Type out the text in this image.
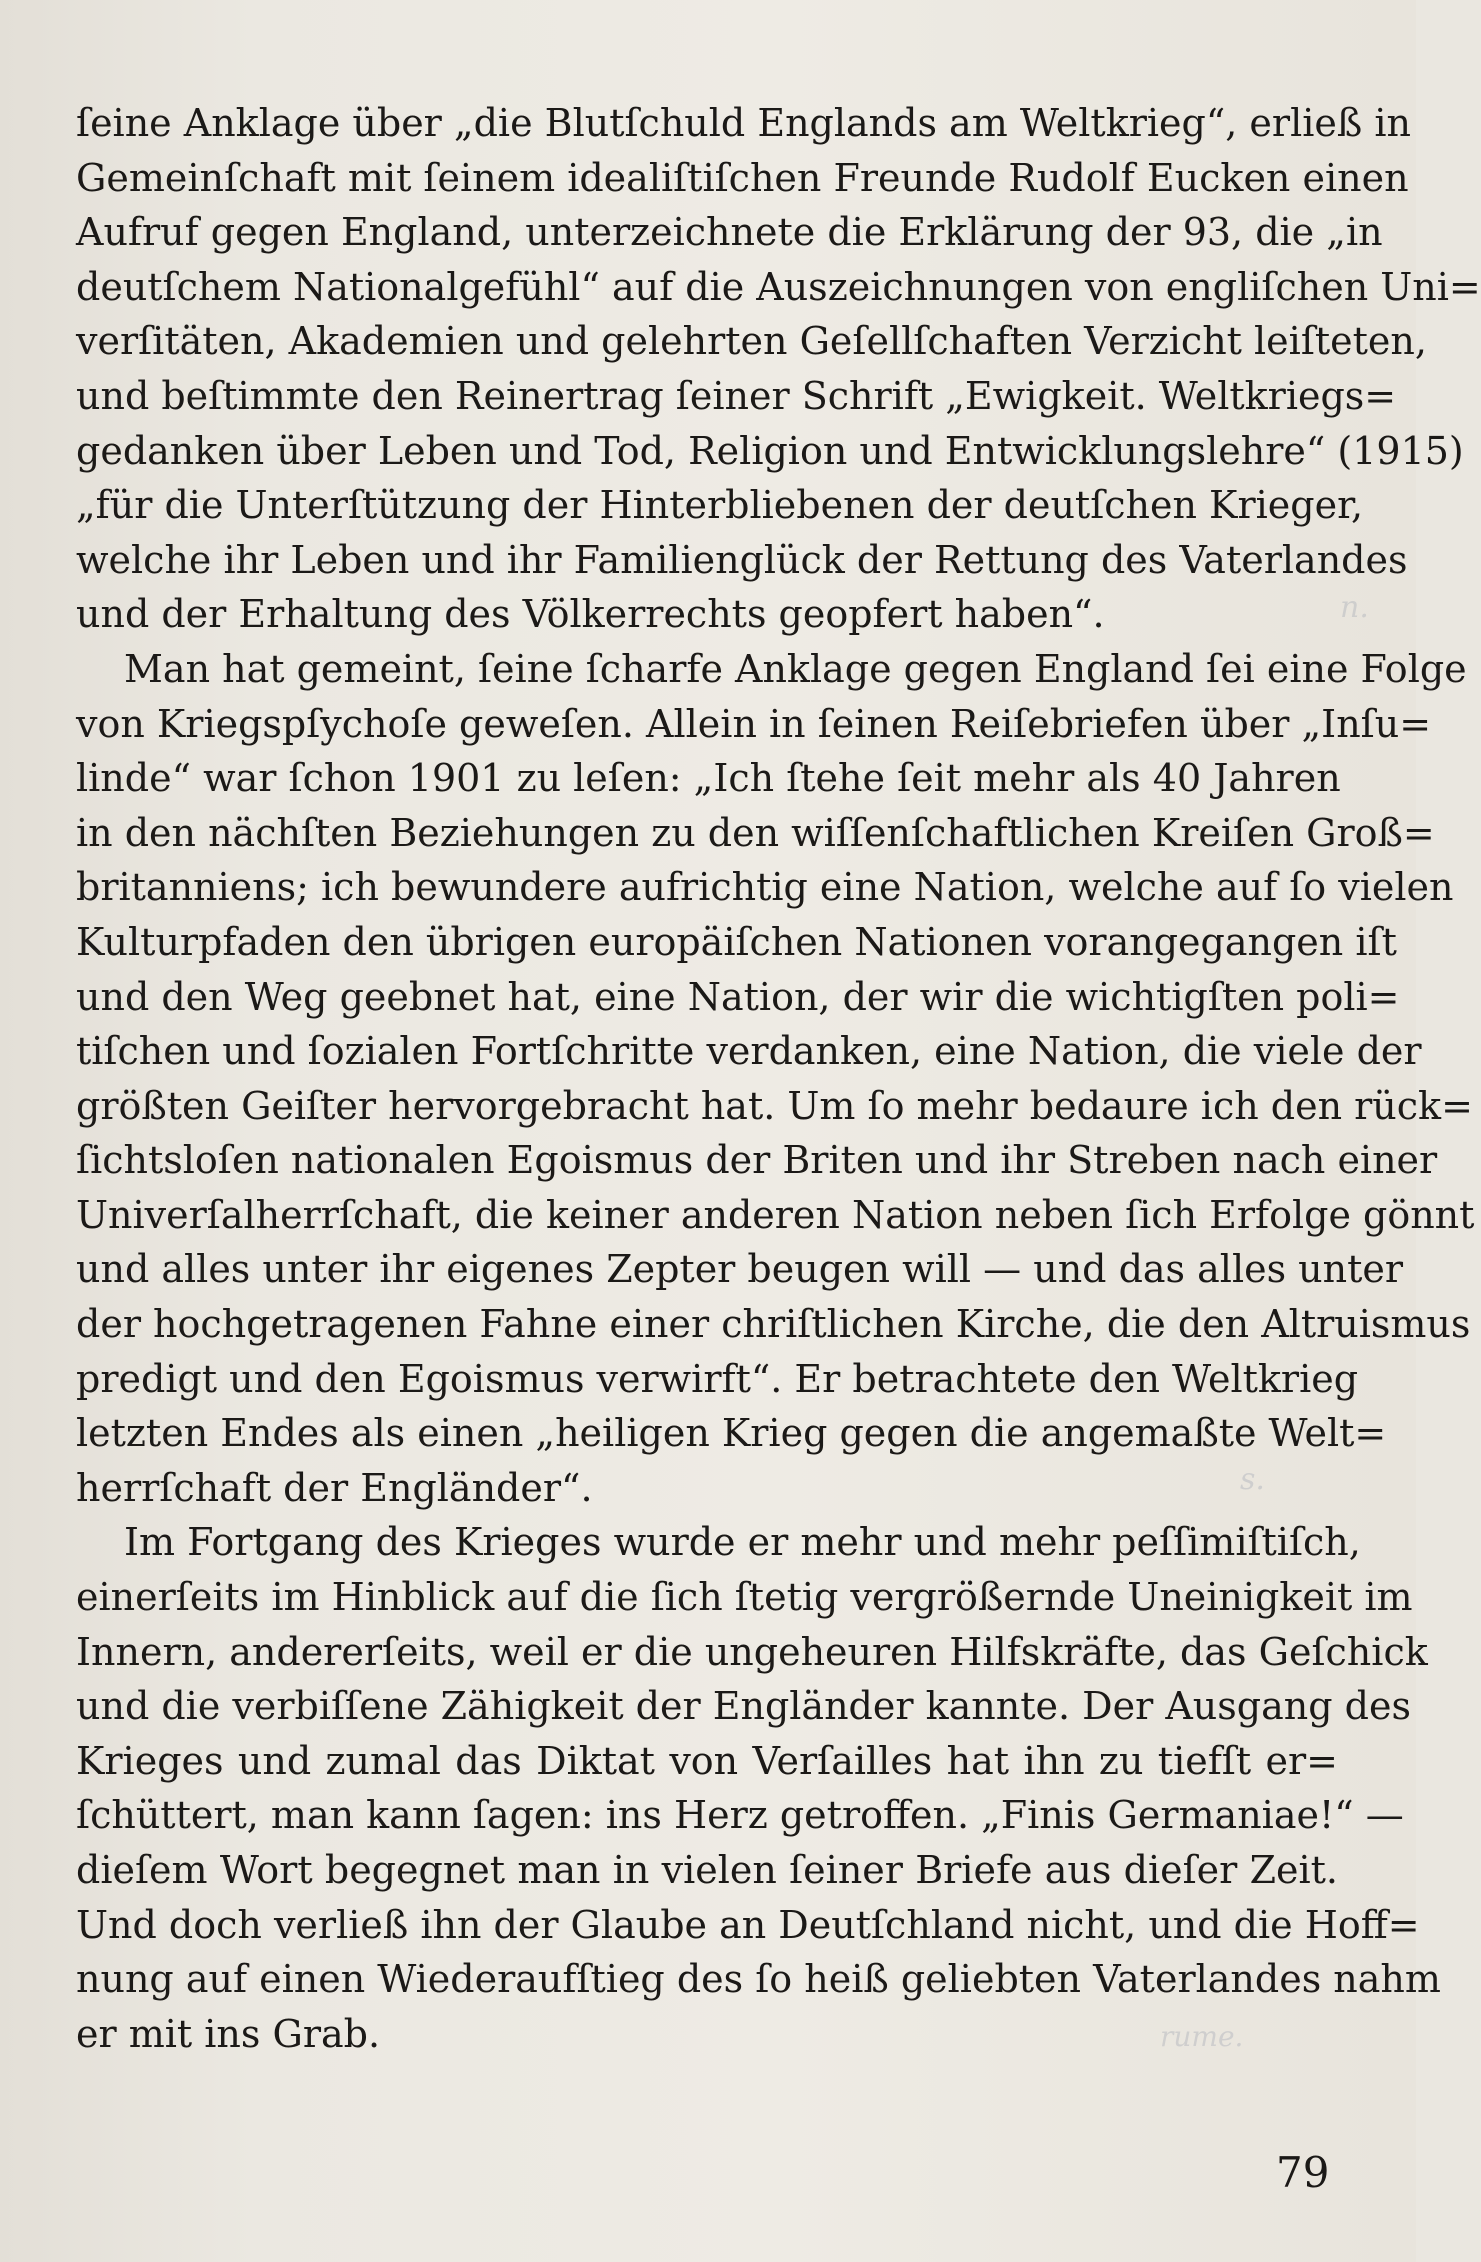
n.
s.
rume.
ſeine Anklage über „die Blutſchuld Englands am Weltkrieg“, erließ in
Gemeinſchaft mit ſeinem idealiſtiſchen Freunde Rudolf Eucken einen
Aufruf gegen England, unterzeichnete die Erklärung der 93, die „in
deutſchem Nationalgefühl“ auf die Auszeichnungen von engliſchen Uni=
verſitäten, Akademien und gelehrten Geſellſchaften Verzicht leiſteten,
und beſtimmte den Reinertrag ſeiner Schrift „Ewigkeit. Weltkriegs=
gedanken über Leben und Tod, Religion und Entwicklungslehre“ (1915)
„für die Unterſtützung der Hinterbliebenen der deutſchen Krieger,
welche ihr Leben und ihr Familienglück der Rettung des Vaterlandes
und der Erhaltung des Völkerrechts geopfert haben“.
Man hat gemeint, ſeine ſcharfe Anklage gegen England ſei eine Folge
von Kriegspſychoſe geweſen. Allein in ſeinen Reiſebriefen über „Inſu=
linde“ war ſchon 1901 zu leſen: „Ich ſtehe ſeit mehr als 40 Jahren
in den nächſten Beziehungen zu den wiſſenſchaftlichen Kreiſen Groß=
britanniens; ich bewundere aufrichtig eine Nation, welche auf ſo vielen
Kulturpfaden den übrigen europäiſchen Nationen vorangegangen iſt
und den Weg geebnet hat, eine Nation, der wir die wichtigſten poli=
tiſchen und ſozialen Fortſchritte verdanken, eine Nation, die viele der
größten Geiſter hervorgebracht hat. Um ſo mehr bedaure ich den rück=
ſichtsloſen nationalen Egoismus der Briten und ihr Streben nach einer
Univerſalherrſchaft, die keiner anderen Nation neben ſich Erfolge gönnt
und alles unter ihr eigenes Zepter beugen will — und das alles unter
der hochgetragenen Fahne einer chriſtlichen Kirche, die den Altruismus
predigt und den Egoismus verwirft“. Er betrachtete den Weltkrieg
letzten Endes als einen „heiligen Krieg gegen die angemaßte Welt=
herrſchaft der Engländer“.
Im Fortgang des Krieges wurde er mehr und mehr peſſimiſtiſch,
einerſeits im Hinblick auf die ſich ſtetig vergrößernde Uneinigkeit im
Innern, andererſeits, weil er die ungeheuren Hilfskräfte, das Geſchick
und die verbiſſene Zähigkeit der Engländer kannte. Der Ausgang des
Krieges und zumal das Diktat von Verſailles hat ihn zu tiefſt er=
ſchüttert, man kann ſagen: ins Herz getroffen. „Finis Germaniae!“ —
dieſem Wort begegnet man in vielen ſeiner Briefe aus dieſer Zeit.
Und doch verließ ihn der Glaube an Deutſchland nicht, und die Hoff=
nung auf einen Wiederaufſtieg des ſo heiß geliebten Vaterlandes nahm
er mit ins Grab.
79
